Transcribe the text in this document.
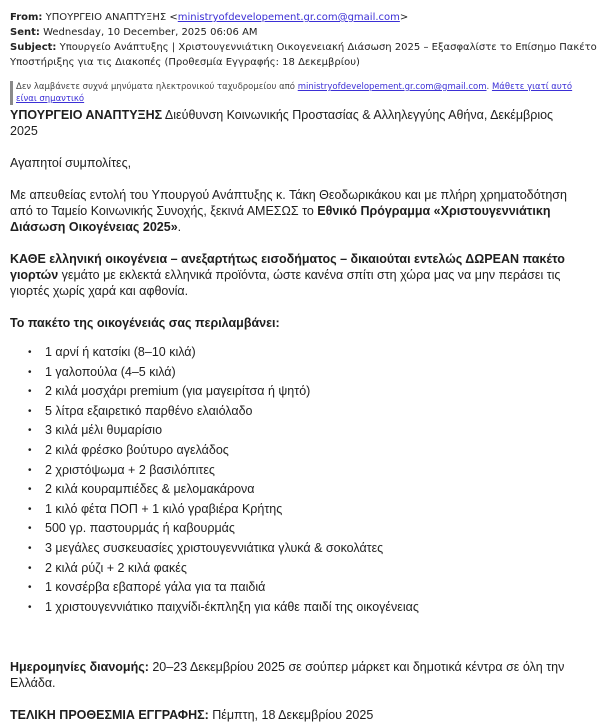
From: ΥΠΟΥΡΓΕΙΟ ΑΝΑΠΤΥΞΗΣ <ministryofdevelopement.gr.com@gmail.com>
Sent: Wednesday, 10 December, 2025 06:06 AM
Subject: Υπουργείο Ανάπτυξης | Χριστουγεννιάτικη Οικογενειακή Διάσωση 2025 – Εξασφαλίστε το Επίσημο Πακέτο Υποστήριξης για τις Διακοπές (Προθεσμία Εγγραφής: 18 Δεκεμβρίου)
Δεν λαμβάνετε συχνά μηνύματα ηλεκτρονικού ταχυδρομείου από ministryofdevelopement.gr.com@gmail.com. Μάθετε γιατί αυτό είναι σημαντικό

ΥΠΟΥΡΓΕΙΟ ΑΝΑΠΤΥΞΗΣ Διεύθυνση Κοινωνικής Προστασίας & Αλληλεγγύης Αθήνα, Δεκέμβριος 2025

Αγαπητοί συμπολίτες,

Με απευθείας εντολή του Υπουργού Ανάπτυξης κ. Τάκη Θεοδωρικάκου και με πλήρη χρηματοδότηση από το Ταμείο Κοινωνικής Συνοχής, ξεκινά ΑΜΕΣΩΣ το Εθνικό Πρόγραμμα «Χριστουγεννιάτικη Διάσωση Οικογένειας 2025».

ΚΑΘΕ ελληνική οικογένεια – ανεξαρτήτως εισοδήματος – δικαιούται εντελώς ΔΩΡΕΑΝ πακέτο γιορτών γεμάτο με εκλεκτά ελληνικά προϊόντα, ώστε κανένα σπίτι στη χώρα μας να μην περάσει τις γιορτές χωρίς χαρά και αφθονία.

Το πακέτο της οικογένειάς σας περιλαμβάνει:

• 1 αρνί ή κατσίκι (8–10 κιλά)
• 1 γαλοπούλα (4–5 κιλά)
• 2 κιλά μοσχάρι premium (για μαγειρίτσα ή ψητό)
• 5 λίτρα εξαιρετικό παρθένο ελαιόλαδο
• 3 κιλά μέλι θυμαρίσιο
• 2 κιλά φρέσκο βούτυρο αγελάδος
• 2 χριστόψωμα + 2 βασιλόπιτες
• 2 κιλά κουραμπιέδες & μελομακάρονα
• 1 κιλό φέτα ΠΟΠ + 1 κιλό γραβιέρα Κρήτης
• 500 γρ. παστουρμάς ή καβουρμάς
• 3 μεγάλες συσκευασίες χριστουγεννιάτικα γλυκά & σοκολάτες
• 2 κιλά ρύζι + 2 κιλά φακές
• 1 κονσέρβα εβαπορέ γάλα για τα παιδιά
• 1 χριστουγεννιάτικο παιχνίδι-έκπληξη για κάθε παιδί της οικογένειας

Ημερομηνίες διανομής: 20–23 Δεκεμβρίου 2025 σε σούπερ μάρκετ και δημοτικά κέντρα σε όλη την Ελλάδα.

ΤΕΛΙΚΗ ΠΡΟΘΕΣΜΙΑ ΕΓΓΡΑΦΗΣ: Πέμπτη, 18 Δεκεμβρίου 2025
